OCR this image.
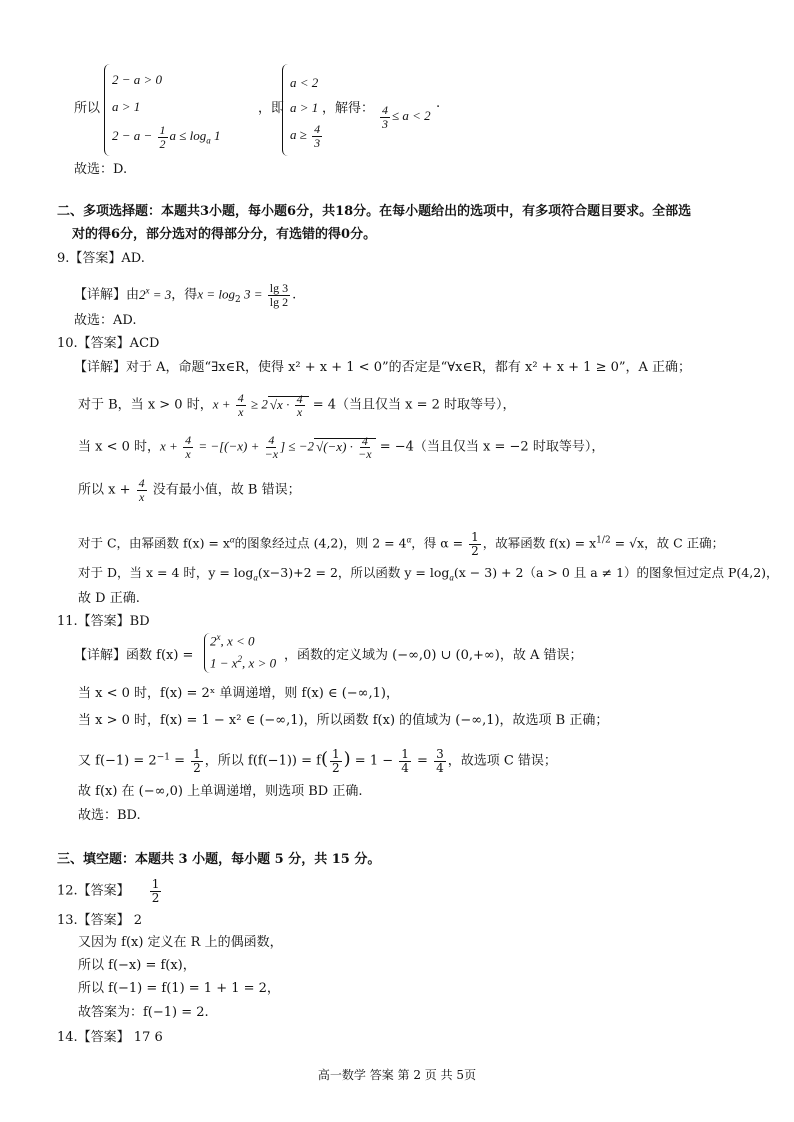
所以
2 − a > 0
a > 1
$2 - a - \frac{1}{2}$ $a \le \log_a 1$
，即
a < 2
a > 1
$a \ge \frac{4}{3}$
，解得： $\frac{4}{3} \le a < 2$
.
故选：D.
二、多项选择题：本题共3小题，每小题6分，共18分。在每小题给出的选项中，有多项符合题目要求。全部选
对的得6分，部分选对的得部分分，有选错的得0分。
9.【答案】AD.
【详解】由$2^x = 3$，得$x = \log_2 3 = \frac{\lg 3}{\lg 2}$ .
故选：AD.
10.【答案】ACD
【详解】对于 A，命题“∃x∈R，使得 x² + x + 1 < 0”的否定是“∀x∈R，都有 x² + x + 1 ≥ 0”，A 正确；
对于 B，当 x > 0 时，$x + \frac{4}{x} \ge 2$ $√x \cdot \frac{4}{x} = 4$（当且仅当 x = 2 时取等号），
当 x < 0 时，$x + \frac{4}{x} = -[(-x) + \frac{4}{-x}$ ] ≤ −2 $√(-x) \cdot \frac{4}{-x} = -4$（当且仅当 x = −2 时取等号），
所以 $x + \frac{4}{x}$ 没有最小值，故 B 错误；
对于 C，由幂函数 $f(x) = x^\alpha$的图象经过点 (4,2)，则 $2 = 4^\alpha$，得 $\alpha = \frac{1}{2}$ ，故幂函数 $f(x) = x^{1/2} = √x$，故 C 正确；
对于 D，当 x = 4 时，$y = \log_a(x-3)+2 = 2$，所以函数 $y = \log_a(x - 3) + 2(a > 0$ 且 a ≠ 1）的图象恒过定点 P(4,2)，
故 D 正确.
11.【答案】BD
【详解】函数 f(x) =
$2^x$, x < 0
$1 - x^2$, x > 0 ，函数的定义域为 (−∞,0) ∪ (0,+∞)，故 A 错误；
当 x < 0 时，f(x) = 2ˣ 单调递增，则 f(x) ∈ (−∞,1)，
当 x > 0 时，f(x) = 1 − x² ∈ (−∞,1)，所以函数 f(x) 的值域为 (−∞,1)，故选项 B 正确；
又 $f(-1) = 2^{-1} = \frac{1}{2}$ ，所以 $f(f(-1)) = f( \frac{1}{2}$ ) = $1 - \frac{1}{4} = \frac{3}{4}$ ，故选项 C 错误；
故 f(x) 在 (−∞,0) 上单调递增，则选项 BD 正确.
故选：BD.
三、填空题：本题共 3 小题，每小题 5 分，共 15 分。
12.【答案】 $\frac{1}{2}$
13.【答案】 2
又因为 f(x) 定义在 R 上的偶函数，
所以 f(−x) = f(x)，
所以 f(−1) = f(1) = 1 + 1 = 2，
故答案为：f(−1) = 2.
14.【答案】 17 6
高一数学 答案 第 2 页 共 5页
